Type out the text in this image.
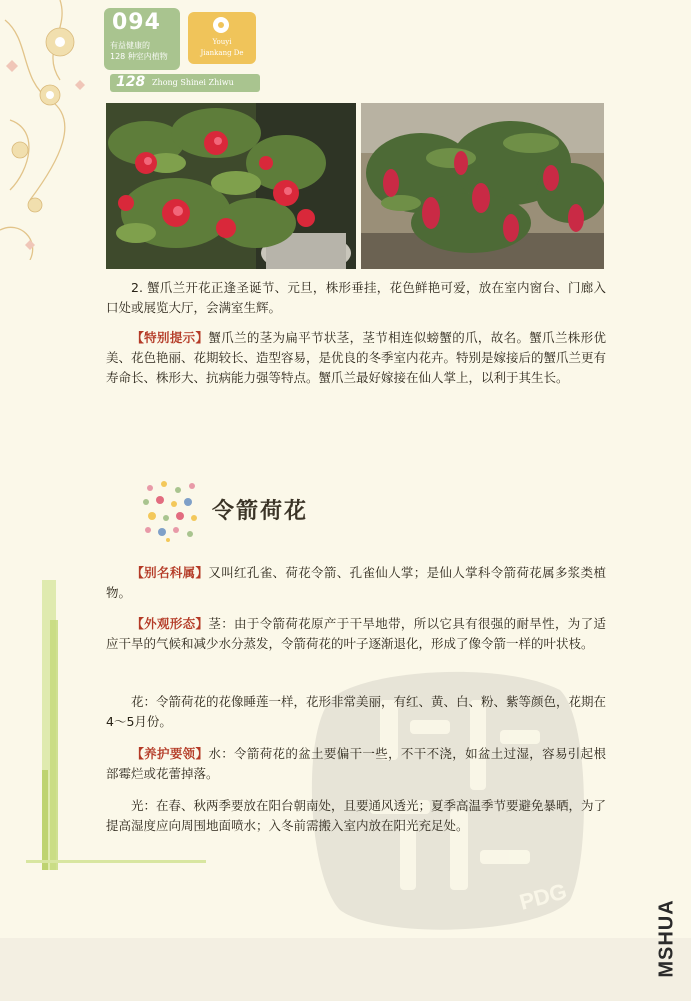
094
有益健康的
128 种室内植物
Youyi
Jiankang De
128 Zhong Shinei Zhiwu
2. 蟹爪兰开花正逢圣诞节、元旦，株形垂挂，花色鲜艳可爱，放在室内窗台、门廊入口处或展览大厅，会满室生辉。
【特别提示】蟹爪兰的茎为扁平节状茎，茎节相连似螃蟹的爪，故名。蟹爪兰株形优美、花色艳丽、花期较长、造型容易，是优良的冬季室内花卉。特别是嫁接后的蟹爪兰更有寿命长、株形大、抗病能力强等特点。蟹爪兰最好嫁接在仙人掌上，以利于其生长。
令箭荷花
PDG
【别名科属】又叫红孔雀、荷花令箭、孔雀仙人掌；是仙人掌科令箭荷花属多浆类植物。
【外观形态】茎：由于令箭荷花原产于干旱地带，所以它具有很强的耐旱性，为了适应干旱的气候和减少水分蒸发，令箭荷花的叶子逐渐退化，形成了像令箭一样的叶状枝。
花：令箭荷花的花像睡莲一样，花形非常美丽，有红、黄、白、粉、紫等颜色，花期在4～5月份。
【养护要领】水：令箭荷花的盆土要偏干一些，不干不浇，如盆土过湿，容易引起根部霉烂或花蕾掉落。
光：在春、秋两季要放在阳台朝南处，且要通风透光；夏季高温季节要避免暴晒，为了提高湿度应向周围地面喷水；入冬前需搬入室内放在阳光充足处。
MSHUA
